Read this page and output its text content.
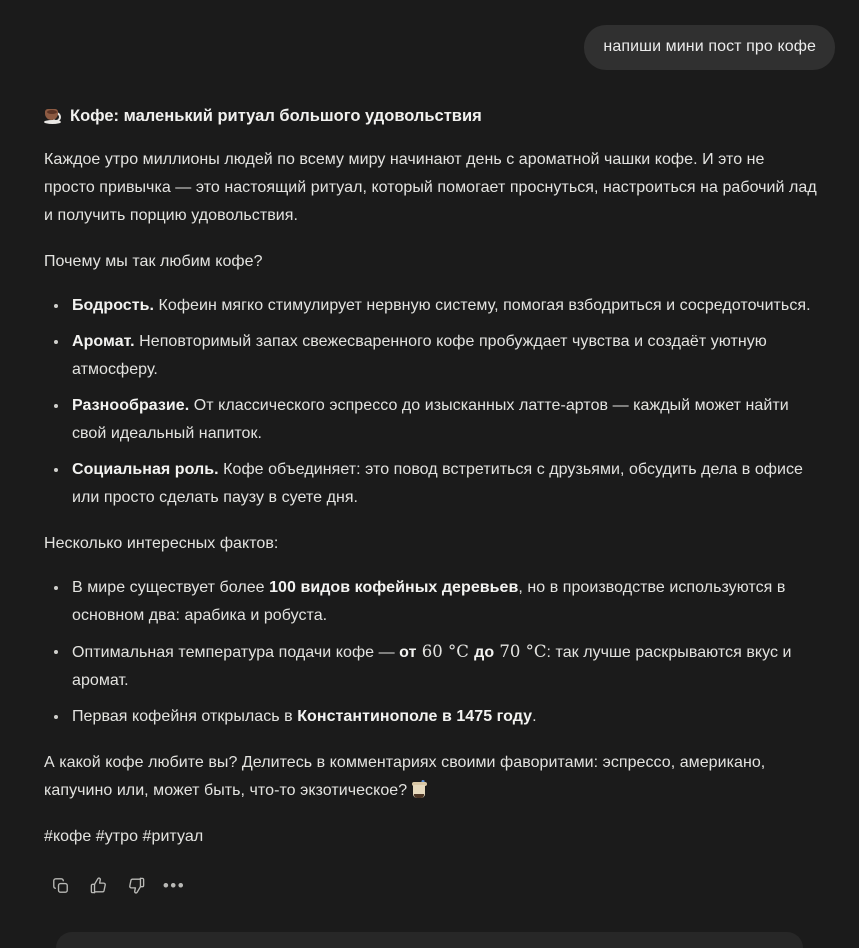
напиши мини пост про кофе
Кофе: маленький ритуал большого удовольствия

Каждое утро миллионы людей по всему миру начинают день с ароматной чашки кофе. И это не просто привычка — это настоящий ритуал, который помогает проснуться, настроиться на рабочий лад и получить порцию удовольствия.

Почему мы так любим кофе?

Бодрость. Кофеин мягко стимулирует нервную систему, помогая взбодриться и сосредоточиться.
Аромат. Неповторимый запах свежесваренного кофе пробуждает чувства и создаёт уютную атмосферу.
Разнообразие. От классического эспрессо до изысканных латте-артов — каждый может найти свой идеальный напиток.
Социальная роль. Кофе объединяет: это повод встретиться с друзьями, обсудить дела в офисе или просто сделать паузу в суете дня.

Несколько интересных фактов:

В мире существует более 100 видов кофейных деревьев, но в производстве используются в основном два: арабика и робуста.
Оптимальная температура подачи кофе — от 60 °C до 70 °C: так лучше раскрываются вкус и аромат.
Первая кофейня открылась в Константинополе в 1475 году.

А какой кофе любите вы? Делитесь в комментариях своими фаворитами: эспрессо, американо, капучино или, может быть, что-то экзотическое?

#кофе #утро #ритуал

•••
